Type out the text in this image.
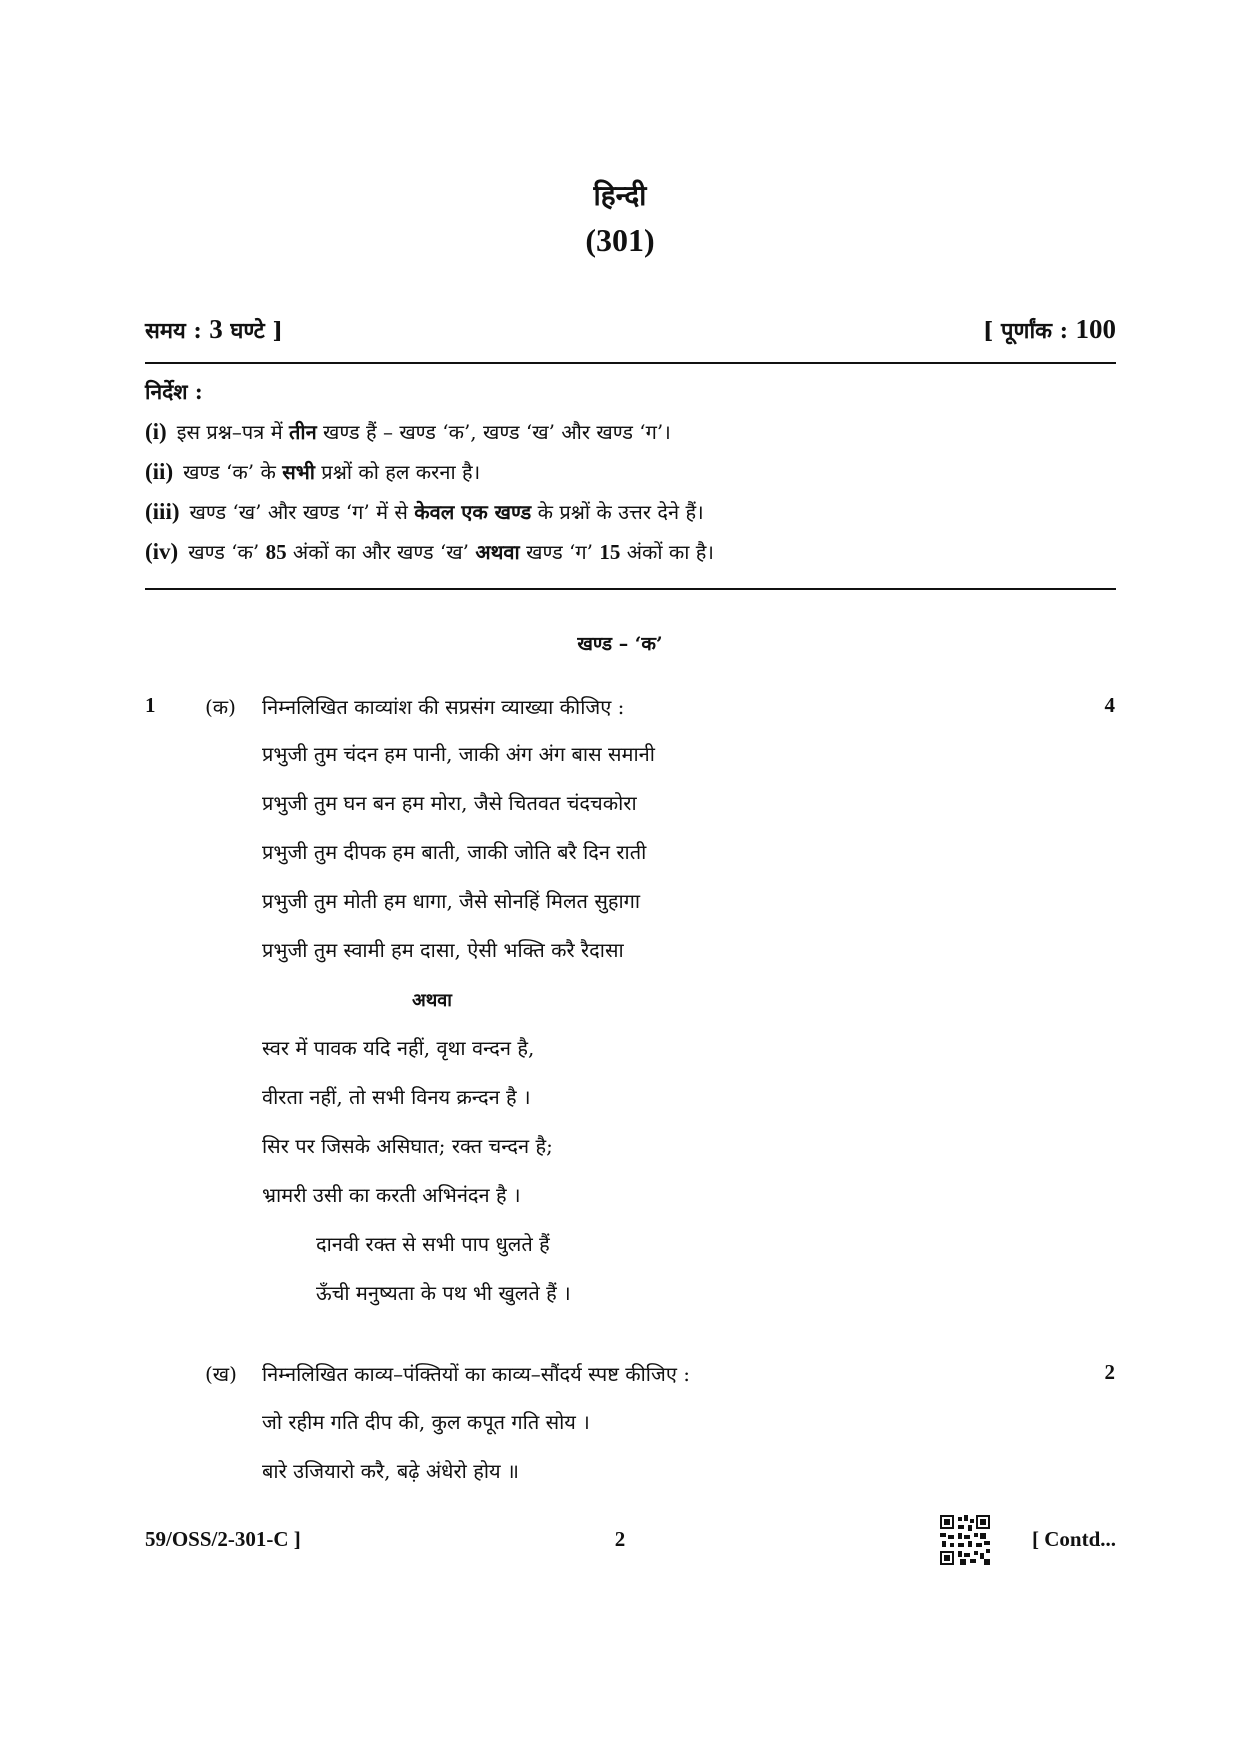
हिन्दी
(301)
समय : 3 घण्टे ]	[ पूर्णांक : 100
निर्देश :
(i) इस प्रश्न–पत्र में तीन खण्ड हैं – खण्ड ‘क’, खण्ड ‘ख’ और खण्ड ‘ग’।
(ii) खण्ड ‘क’ के सभी प्रश्नों को हल करना है।
(iii) खण्ड ‘ख’ और खण्ड ‘ग’ में से केवल एक खण्ड के प्रश्नों के उत्तर देने हैं।
(iv) खण्ड ‘क’ 85 अंकों का और खण्ड ‘ख’ अथवा खण्ड ‘ग’ 15 अंकों का है।
खण्ड – ‘क’
1 (क) निम्नलिखित काव्यांश की सप्रसंग व्याख्या कीजिए :	4
प्रभुजी तुम चंदन हम पानी, जाकी अंग अंग बास समानी
प्रभुजी तुम घन बन हम मोरा, जैसे चितवत चंदचकोरा
प्रभुजी तुम दीपक हम बाती, जाकी जोति बरै दिन राती
प्रभुजी तुम मोती हम धागा, जैसे सोनहिं मिलत सुहागा
प्रभुजी तुम स्वामी हम दासा, ऐसी भक्ति करै रैदासा
अथवा
स्वर में पावक यदि नहीं, वृथा वन्दन है,
वीरता नहीं, तो सभी विनय क्रन्दन है ।
सिर पर जिसके असिघात; रक्त चन्दन है;
भ्रामरी उसी का करती अभिनंदन है ।
दानवी रक्त से सभी पाप धुलते हैं
ऊँची मनुष्यता के पथ भी खुलते हैं ।
(ख) निम्नलिखित काव्य–पंक्तियों का काव्य–सौंदर्य स्पष्ट कीजिए :	2
जो रहीम गति दीप की, कुल कपूत गति सोय ।
बारे उजियारो करै, बढ़े अंधेरो होय ॥
59/OSS/2-301-C ]	2	[ Contd...
